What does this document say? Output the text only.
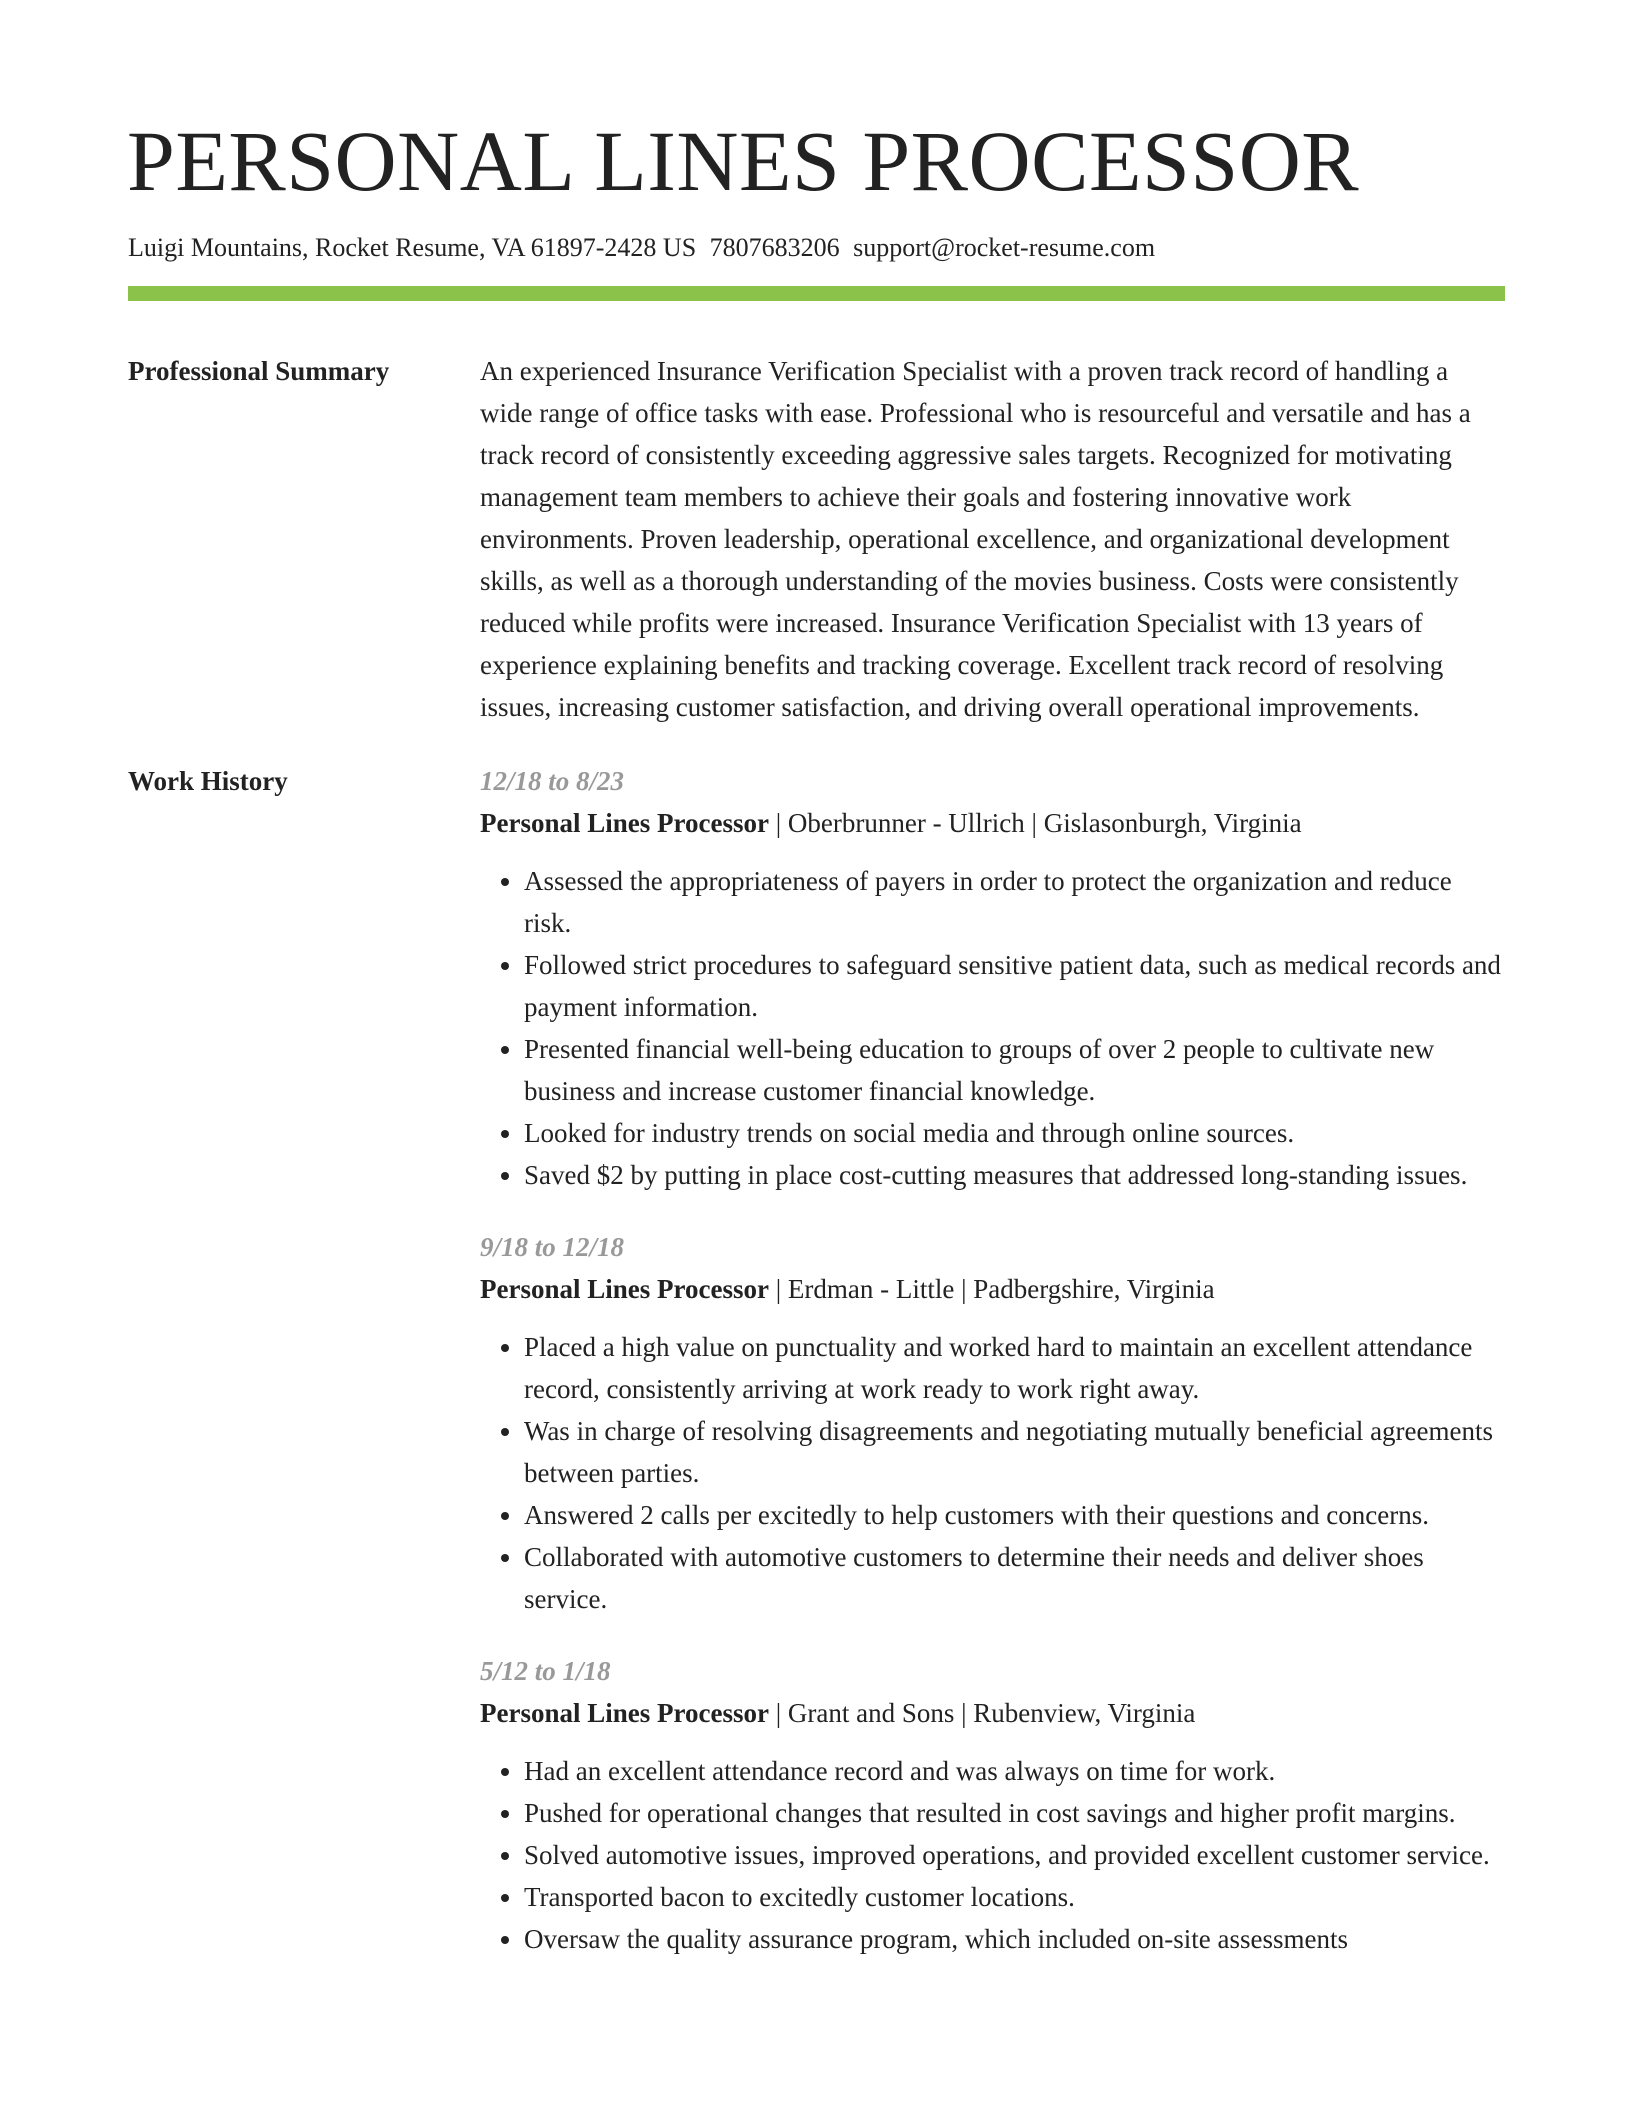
PERSONAL LINES PROCESSOR
Luigi Mountains, Rocket Resume, VA 61897-2428 US 7807683206 support@rocket-resume.com
Professional Summary	An experienced Insurance Verification Specialist with a proven track record of handling a wide range of office tasks with ease. Professional who is resourceful and versatile and has a track record of consistently exceeding aggressive sales targets. Recognized for motivating management team members to achieve their goals and fostering innovative work environments. Proven leadership, operational excellence, and organizational development skills, as well as a thorough understanding of the movies business. Costs were consistently reduced while profits were increased. Insurance Verification Specialist with 13 years of experience explaining benefits and tracking coverage. Excellent track record of resolving issues, increasing customer satisfaction, and driving overall operational improvements.

Work History	12/18 to 8/23
Personal Lines Processor | Oberbrunner - Ullrich | Gislasonburgh, Virginia
• Assessed the appropriateness of payers in order to protect the organization and reduce risk.
• Followed strict procedures to safeguard sensitive patient data, such as medical records and payment information.
• Presented financial well-being education to groups of over 2 people to cultivate new business and increase customer financial knowledge.
• Looked for industry trends on social media and through online sources.
• Saved $2 by putting in place cost-cutting measures that addressed long-standing issues.
9/18 to 12/18
Personal Lines Processor | Erdman - Little | Padbergshire, Virginia
• Placed a high value on punctuality and worked hard to maintain an excellent attendance record, consistently arriving at work ready to work right away.
• Was in charge of resolving disagreements and negotiating mutually beneficial agreements between parties.
• Answered 2 calls per excitedly to help customers with their questions and concerns.
• Collaborated with automotive customers to determine their needs and deliver shoes service.
5/12 to 1/18
Personal Lines Processor | Grant and Sons | Rubenview, Virginia
• Had an excellent attendance record and was always on time for work.
• Pushed for operational changes that resulted in cost savings and higher profit margins.
• Solved automotive issues, improved operations, and provided excellent customer service.
• Transported bacon to excitedly customer locations.
• Oversaw the quality assurance program, which included on-site assessments
